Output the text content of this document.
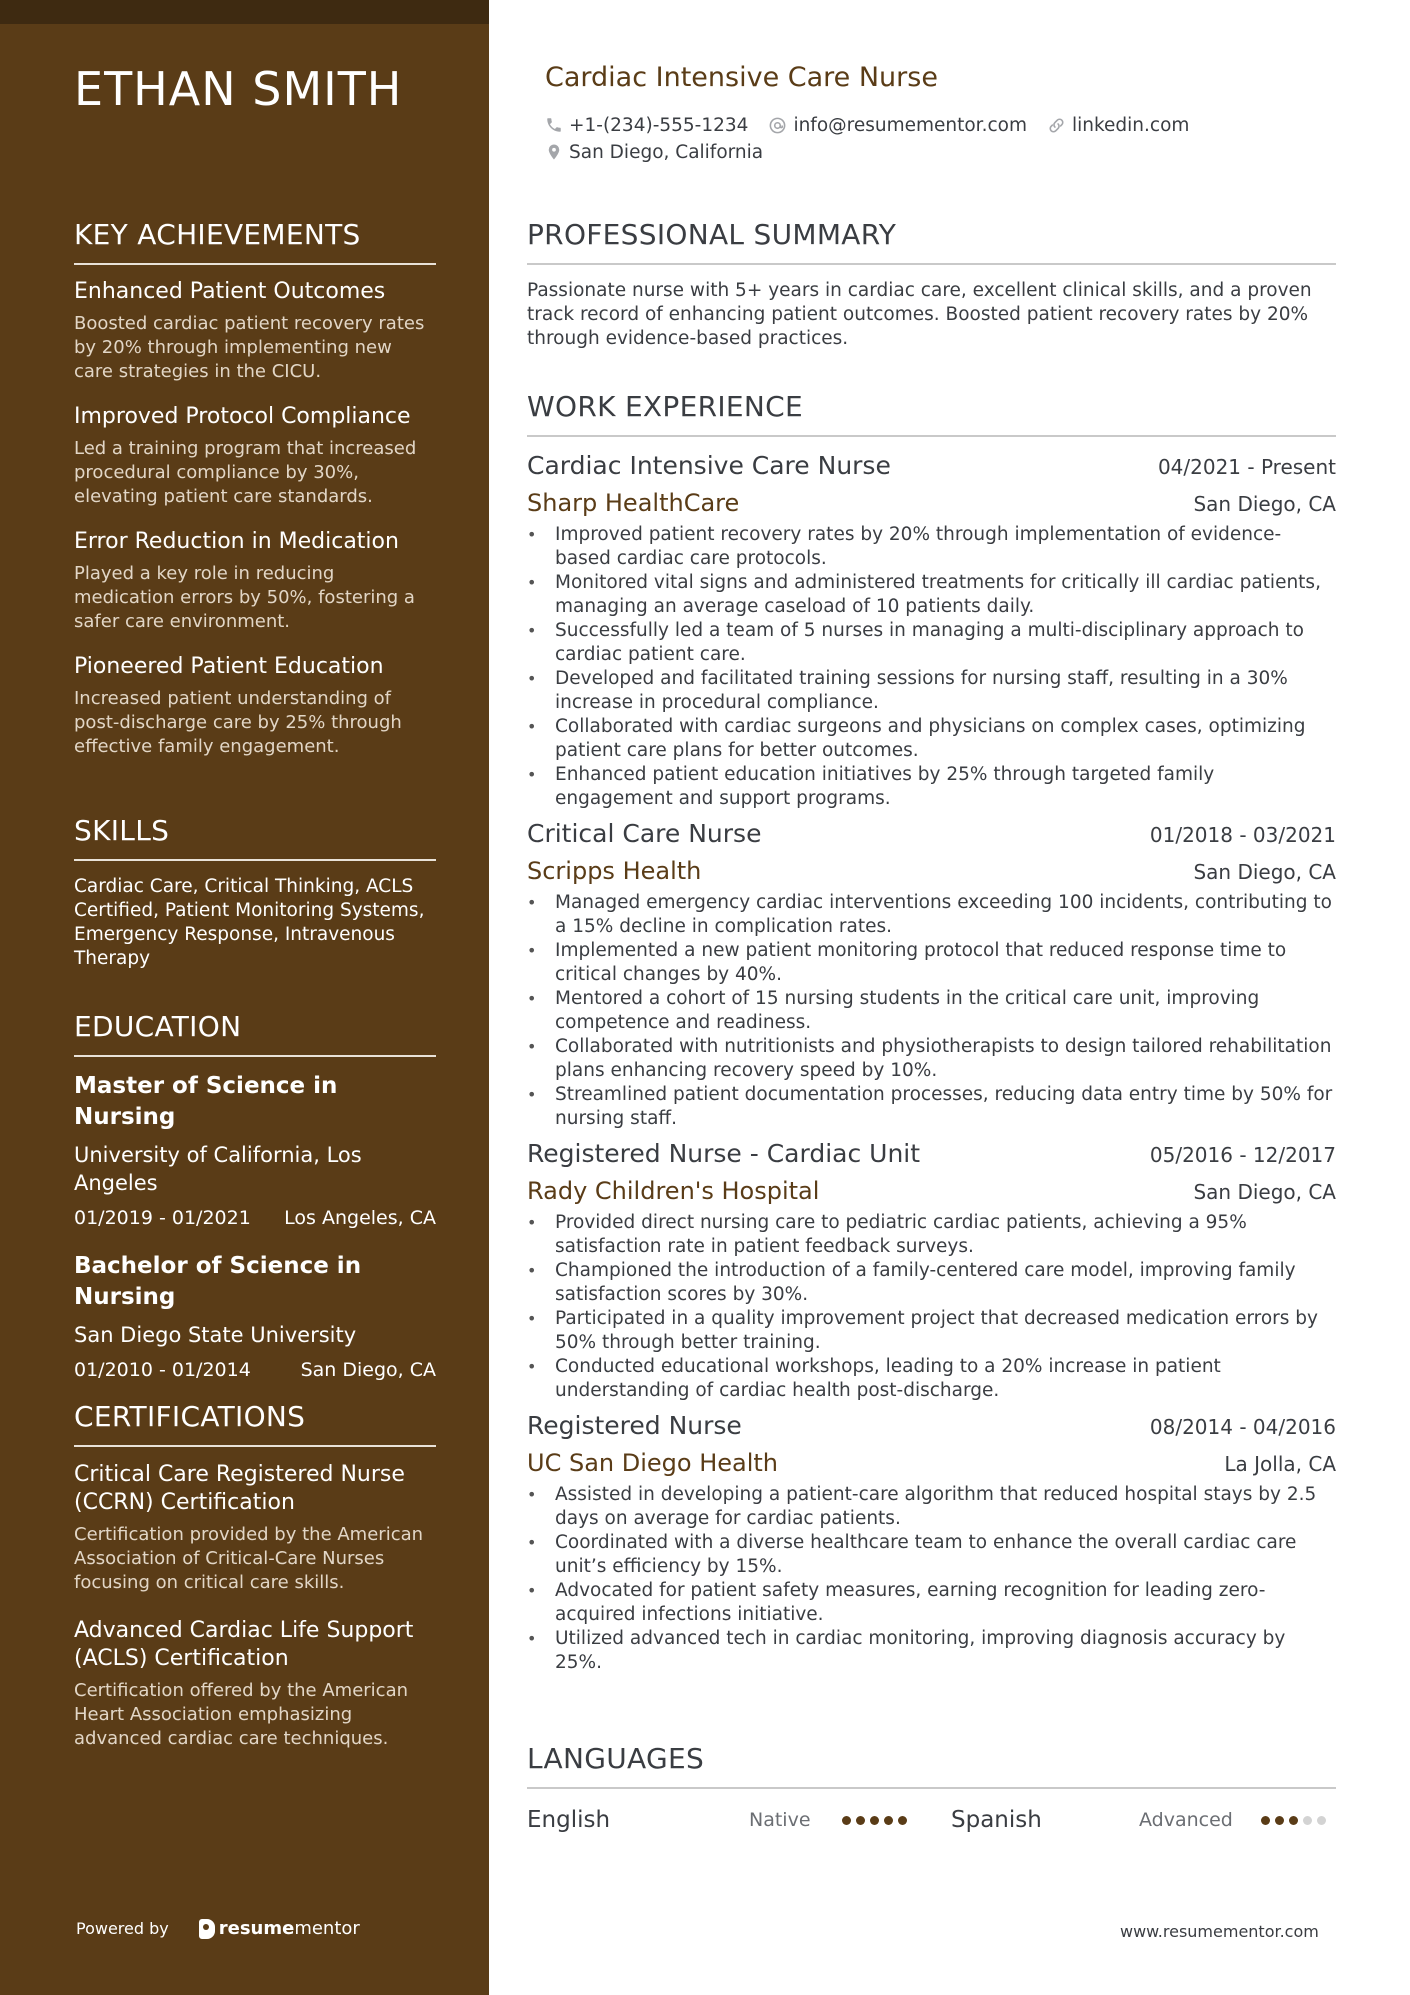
ETHAN SMITH
KEY ACHIEVEMENTS
Enhanced Patient Outcomes
Boosted cardiac patient recovery rates by 20% through implementing new care strategies in the CICU.
Improved Protocol Compliance
Led a training program that increased procedural compliance by 30%, elevating patient care standards.
Error Reduction in Medication
Played a key role in reducing medication errors by 50%, fostering a safer care environment.
Pioneered Patient Education
Increased patient understanding of post-discharge care by 25% through effective family engagement.
SKILLS
Cardiac Care, Critical Thinking, ACLS Certified, Patient Monitoring Systems, Emergency Response, Intravenous Therapy
EDUCATION
Master of Science in Nursing
University of California, Los Angeles
01/2019 - 01/2021 Los Angeles, CA
Bachelor of Science in Nursing
San Diego State University
01/2010 - 01/2014	San Diego, CA
CERTIFICATIONS
Critical Care Registered Nurse (CCRN) Certification
Certification provided by the American Association of Critical-Care Nurses focusing on critical care skills.
Advanced Cardiac Life Support (ACLS) Certification
Certification offered by the American Heart Association emphasizing advanced cardiac care techniques.
Powered by	resume mentor
Cardiac Intensive Care Nurse
+1-(234)-555-1234 info@resumementor.com linkedin.com
San Diego, California
PROFESSIONAL SUMMARY
Passionate nurse with 5+ years in cardiac care, excellent clinical skills, and a proven track record of enhancing patient outcomes. Boosted patient recovery rates by 20% through evidence-based practices.
WORK EXPERIENCE
Cardiac Intensive Care Nurse	04/2021 - Present
Sharp HealthCare	San Diego, CA
• Improved patient recovery rates by 20% through implementation of evidence-based cardiac care protocols.
• Monitored vital signs and administered treatments for critically ill cardiac patients, managing an average caseload of 10 patients daily.
• Successfully led a team of 5 nurses in managing a multi-disciplinary approach to cardiac patient care.
• Developed and facilitated training sessions for nursing staff, resulting in a 30% increase in procedural compliance.
• Collaborated with cardiac surgeons and physicians on complex cases, optimizing patient care plans for better outcomes.
• Enhanced patient education initiatives by 25% through targeted family engagement and support programs.
Critical Care Nurse	01/2018 - 03/2021
Scripps Health	San Diego, CA
• Managed emergency cardiac interventions exceeding 100 incidents, contributing to a 15% decline in complication rates.
• Implemented a new patient monitoring protocol that reduced response time to critical changes by 40%.
• Mentored a cohort of 15 nursing students in the critical care unit, improving competence and readiness.
• Collaborated with nutritionists and physiotherapists to design tailored rehabilitation plans enhancing recovery speed by 10%.
• Streamlined patient documentation processes, reducing data entry time by 50% for nursing staff.
Registered Nurse - Cardiac Unit	05/2016 - 12/2017
Rady Children's Hospital	San Diego, CA
• Provided direct nursing care to pediatric cardiac patients, achieving a 95% satisfaction rate in patient feedback surveys.
• Championed the introduction of a family-centered care model, improving family satisfaction scores by 30%.
• Participated in a quality improvement project that decreased medication errors by 50% through better training.
• Conducted educational workshops, leading to a 20% increase in patient understanding of cardiac health post-discharge.
Registered Nurse	08/2014 - 04/2016
UC San Diego Health	La Jolla, CA
• Assisted in developing a patient-care algorithm that reduced hospital stays by 2.5 days on average for cardiac patients.
• Coordinated with a diverse healthcare team to enhance the overall cardiac care unit’s efficiency by 15%.
• Advocated for patient safety measures, earning recognition for leading zero-acquired infections initiative.
• Utilized advanced tech in cardiac monitoring, improving diagnosis accuracy by 25%.
LANGUAGES
English	Native	Spanish	Advanced
www.resumementor.com
